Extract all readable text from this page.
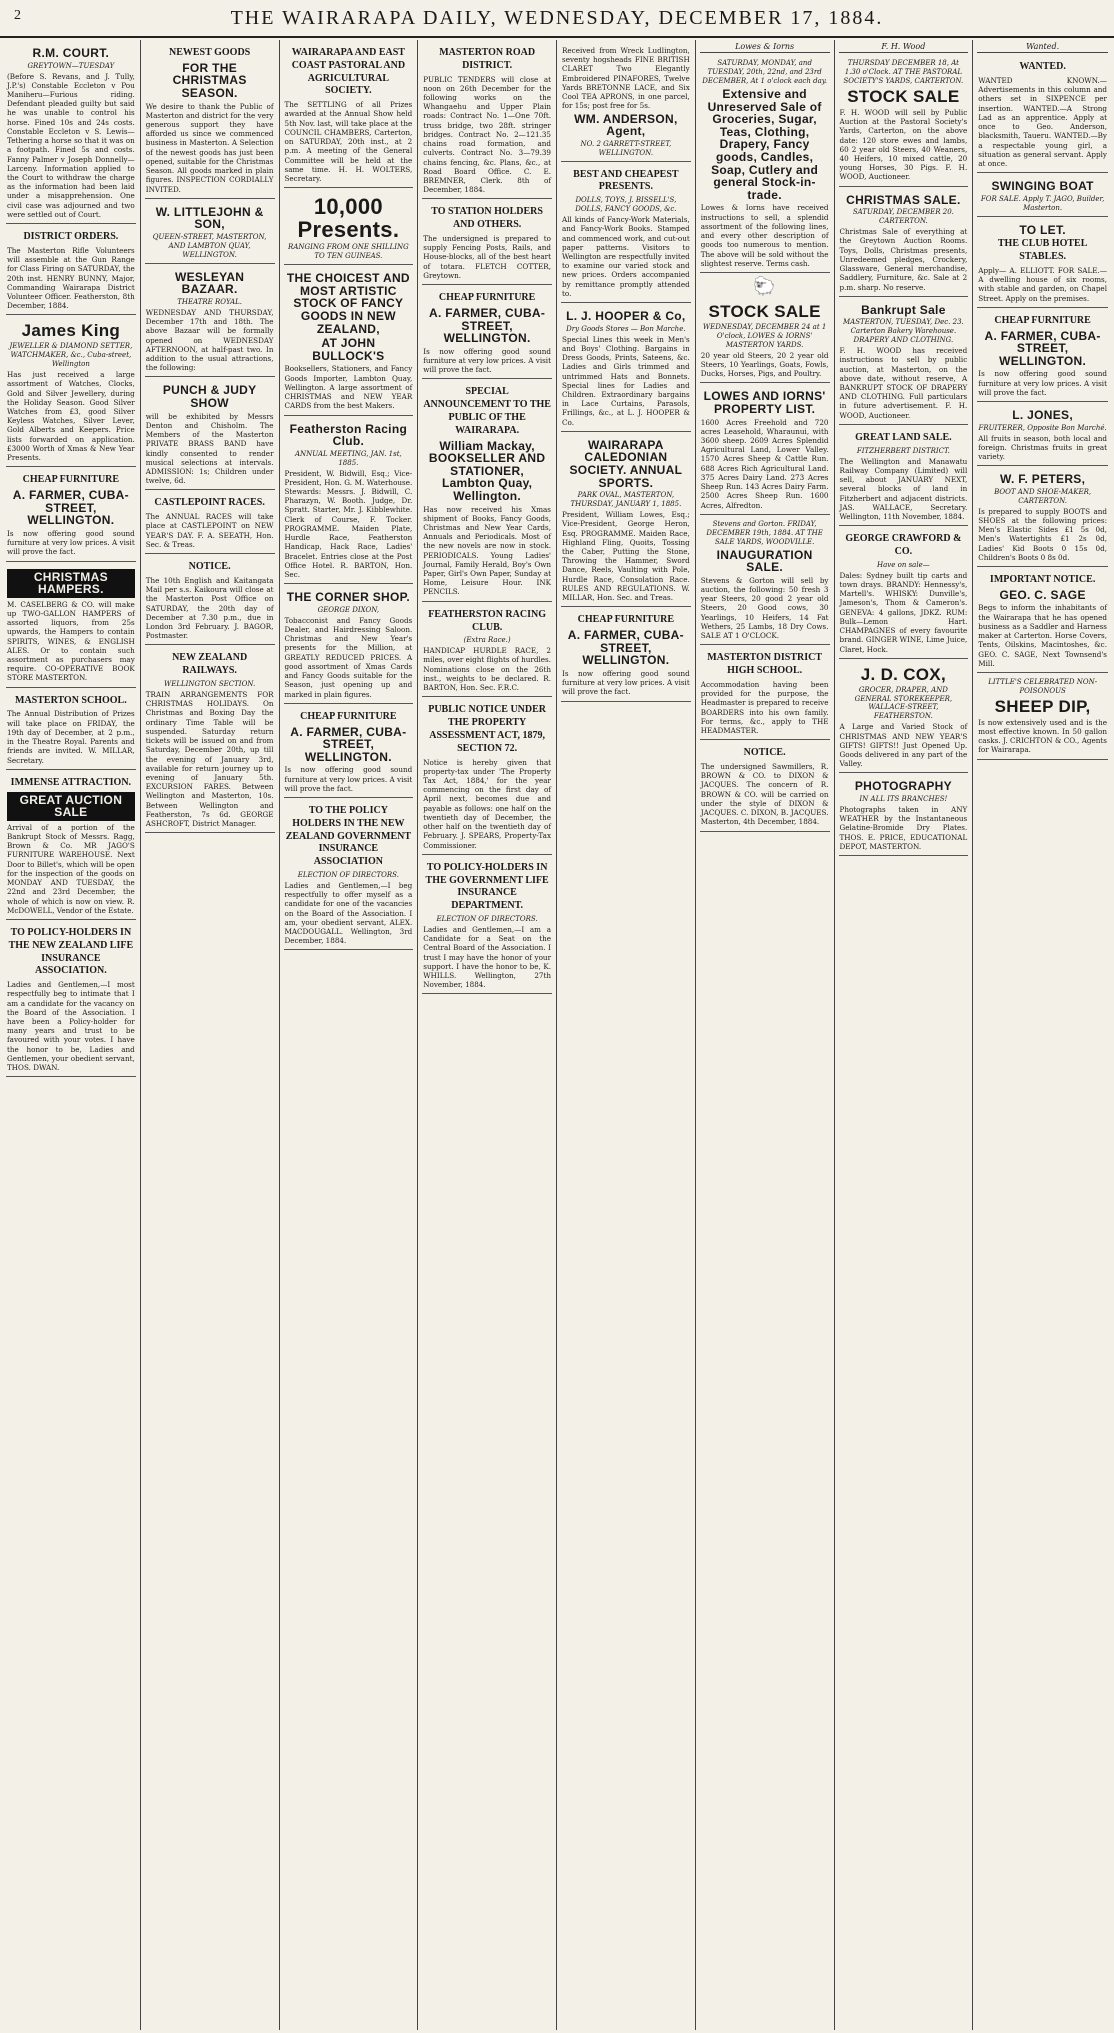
2	THE WAIRARAPA DAILY, WEDNESDAY, DECEMBER 17, 1884.
R.M. COURT.
GREYTOWN—TUESDAY

(Before S. Revans, and J. Tully, J.P.'s) Constable Eccleton v Pou Maniheru—Furious riding. Defendant pleaded guilty but said he was unable to control his horse. Fined 10s and 24s costs. Constable Eccleton v S. Lewis—Tethering a horse so that it was on a footpath. Fined 5s and costs. Fanny Palmer v Joseph Donnelly—Larceny. Information applied to the Court to withdraw the charge as the information had been laid under a misapprehension. One civil case was adjourned and two were settled out of Court.

DISTRICT ORDERS.

The Masterton Rifle Volunteers will assemble at the Gun Range for Class Firing on SATURDAY, the 20th inst. HENRY BUNNY, Major, Commanding Wairarapa District Volunteer Officer. Featherston, 8th December, 1884.

James King
JEWELLER & DIAMOND SETTER, WATCHMAKER, &c., Cuba-street, Wellington

Has just received a large assortment of Watches, Clocks, Gold and Silver Jewellery, during the Holiday Season. Good Silver Watches from £3, good Silver Keyless Watches, Silver Lever, Gold Alberts and Keepers. Price lists forwarded on application. £3000 Worth of Xmas & New Year Presents.

CHEAP FURNITURE
A. FARMER, CUBA-STREET, WELLINGTON.

Is now offering good sound furniture at very low prices. A visit will prove the fact.

CHRISTMAS HAMPERS.

M. CASELBERG & CO. will make up TWO-GALLON HAMPERS of assorted liquors, from 25s upwards, the Hampers to contain SPIRITS, WINES, & ENGLISH ALES. Or to contain such assortment as purchasers may require. CO-OPERATIVE BOOK STORE MASTERTON.

MASTERTON SCHOOL.

The Annual Distribution of Prizes will take place on FRIDAY, the 19th day of December, at 2 p.m., in the Theatre Royal. Parents and friends are invited. W. MILLAR, Secretary.

IMMENSE ATTRACTION.
GREAT AUCTION SALE

Arrival of a portion of the Bankrupt Stock of Messrs. Ragg, Brown & Co. MR JAGO'S FURNITURE WAREHOUSE. Next Door to Billet's, which will be open for the inspection of the goods on MONDAY AND TUESDAY, the 22nd and 23rd December, the whole of which is now on view. R. McDOWELL, Vendor of the Estate.

TO POLICY-HOLDERS IN THE NEW ZEALAND LIFE INSURANCE ASSOCIATION.

Ladies and Gentlemen,—I most respectfully beg to intimate that I am a candidate for the vacancy on the Board of the Association. I have been a Policy-holder for many years and trust to be favoured with your votes. I have the honor to be, Ladies and Gentlemen, your obedient servant, THOS. DWAN.

NEWEST GOODS
FOR THE CHRISTMAS SEASON.

We desire to thank the Public of Masterton and district for the very generous support they have afforded us since we commenced business in Masterton. A Selection of the newest goods has just been opened, suitable for the Christmas Season. All goods marked in plain figures. INSPECTION CORDIALLY INVITED.

W. LITTLEJOHN & SON,
QUEEN-STREET, MASTERTON, AND LAMBTON QUAY, WELLINGTON.
WESLEYAN BAZAAR.
THEATRE ROYAL.

WEDNESDAY AND THURSDAY, December 17th and 18th. The above Bazaar will be formally opened on WEDNESDAY AFTERNOON, at half-past two. In addition to the usual attractions, the following:

PUNCH & JUDY SHOW

will be exhibited by Messrs Denton and Chisholm. The Members of the Masterton PRIVATE BRASS BAND have kindly consented to render musical selections at intervals. ADMISSION: 1s; Children under twelve, 6d.

CASTLEPOINT RACES.

The ANNUAL RACES will take place at CASTLEPOINT on NEW YEAR'S DAY. F. A. SEEATH, Hon. Sec. & Treas.

NOTICE.

The 10th English and Kaitangata Mail per s.s. Kaikoura will close at the Masterton Post Office on SATURDAY, the 20th day of December at 7.30 p.m., due in London 3rd February. J. BAGOR, Postmaster.

NEW ZEALAND RAILWAYS.
WELLINGTON SECTION.

TRAIN ARRANGEMENTS FOR CHRISTMAS HOLIDAYS. On Christmas and Boxing Day the ordinary Time Table will be suspended. Saturday return tickets will be issued on and from Saturday, December 20th, up till the evening of January 3rd, available for return journey up to evening of January 5th. EXCURSION FARES. Between Wellington and Masterton, 10s. Between Wellington and Featherston, 7s 6d. GEORGE ASHCROFT, District Manager.

WAIRARAPA AND EAST COAST PASTORAL AND AGRICULTURAL SOCIETY.

The SETTLING of all Prizes awarded at the Annual Show held 5th Nov. last, will take place at the COUNCIL CHAMBERS, Carterton, on SATURDAY, 20th inst., at 2 p.m. A meeting of the General Committee will be held at the same time. H. H. WOLTERS, Secretary.

10,000 Presents.
RANGING FROM ONE SHILLING TO TEN GUINEAS.
THE CHOICEST AND MOST ARTISTIC STOCK OF FANCY GOODS IN NEW ZEALAND,
AT JOHN BULLOCK'S

Booksellers, Stationers, and Fancy Goods Importer, Lambton Quay, Wellington. A large assortment of CHRISTMAS and NEW YEAR CARDS from the best Makers.

Featherston Racing Club.
ANNUAL MEETING, JAN. 1st, 1885.

President, W. Bidwill, Esq.; Vice-President, Hon. G. M. Waterhouse. Stewards: Messrs. J. Bidwill, C. Pharazyn, W. Booth. Judge, Dr. Spratt. Starter, Mr. J. Kibblewhite. Clerk of Course, F. Tocker. PROGRAMME. Maiden Plate, Hurdle Race, Featherston Handicap, Hack Race, Ladies' Bracelet. Entries close at the Post Office Hotel. R. BARTON, Hon. Sec.

THE CORNER SHOP.
GEORGE DIXON,

Tobacconist and Fancy Goods Dealer, and Hairdressing Saloon. Christmas and New Year's presents for the Million, at GREATLY REDUCED PRICES. A good assortment of Xmas Cards and Fancy Goods suitable for the Season, just opening up and marked in plain figures.

CHEAP FURNITURE
A. FARMER, CUBA-STREET, WELLINGTON.

Is now offering good sound furniture at very low prices. A visit will prove the fact.

TO THE POLICY HOLDERS IN THE NEW ZEALAND GOVERNMENT INSURANCE ASSOCIATION
ELECTION OF DIRECTORS.

Ladies and Gentlemen,—I beg respectfully to offer myself as a candidate for one of the vacancies on the Board of the Association. I am, your obedient servant, ALEX. MACDOUGALL. Wellington, 3rd December, 1884.

MASTERTON ROAD DISTRICT.

PUBLIC TENDERS will close at noon on 26th December for the following works on the Whangaehu and Upper Plain roads: Contract No. 1—One 70ft. truss bridge, two 28ft. stringer bridges. Contract No. 2—121.35 chains road formation, and culverts. Contract No. 3—79.39 chains fencing, &c. Plans, &c., at Road Board Office. C. E. BREMNER, Clerk. 8th of December, 1884.

TO STATION HOLDERS AND OTHERS.

The undersigned is prepared to supply Fencing Posts, Rails, and House-blocks, all of the best heart of totara. FLETCH COTTER, Greytown.

CHEAP FURNITURE
A. FARMER, CUBA-STREET, WELLINGTON.

Is now offering good sound furniture at very low prices. A visit will prove the fact.

SPECIAL ANNOUNCEMENT TO THE PUBLIC OF THE WAIRARAPA.
William Mackay, BOOKSELLER AND STATIONER, Lambton Quay, Wellington.

Has now received his Xmas shipment of Books, Fancy Goods, Christmas and New Year Cards, Annuals and Periodicals. Most of the new novels are now in stock. PERIODICALS. Young Ladies' Journal, Family Herald, Boy's Own Paper, Girl's Own Paper, Sunday at Home, Leisure Hour. INK PENCILS.

FEATHERSTON RACING CLUB.
(Extra Race.)

HANDICAP HURDLE RACE, 2 miles, over eight flights of hurdles. Nominations close on the 26th inst., weights to be declared. R. BARTON, Hon. Sec. F.R.C.

PUBLIC NOTICE UNDER THE PROPERTY ASSESSMENT ACT, 1879, SECTION 72.

Notice is hereby given that property-tax under 'The Property Tax Act, 1884,' for the year commencing on the first day of April next, becomes due and payable as follows: one half on the twentieth day of December, the other half on the twentieth day of February. J. SPEARS, Property-Tax Commissioner.

TO POLICY-HOLDERS IN THE GOVERNMENT LIFE INSURANCE DEPARTMENT.
ELECTION OF DIRECTORS.

Ladies and Gentlemen,—I am a Candidate for a Seat on the Central Board of the Association. I trust I may have the honor of your support. I have the honor to be, K. WHILLS. Wellington, 27th November, 1884.

Received from Wreck Ludlington, seventy hogsheads FINE BRITISH CLARET Two Elegantly Embroidered PINAFORES, Twelve Yards BRETONNE LACE, and Six Cool TEA APRONS, in one parcel, for 15s; post free for 5s.

WM. ANDERSON, Agent,
NO. 2 GARRETT-STREET, WELLINGTON.
BEST AND CHEAPEST PRESENTS.
DOLLS, TOYS, J. BISSELL'S, DOLLS, FANCY GOODS, &c.

All kinds of Fancy-Work Materials, and Fancy-Work Books. Stamped and commenced work, and cut-out paper patterns. Visitors to Wellington are respectfully invited to examine our varied stock and new prices. Orders accompanied by remittance promptly attended to.

L. J. HOOPER & Co,
Dry Goods Stores — Bon Marche.

Special Lines this week in Men's and Boys' Clothing. Bargains in Dress Goods, Prints, Sateens, &c. Ladies and Girls trimmed and untrimmed Hats and Bonnets. Special lines for Ladies and Children. Extraordinary bargains in Lace Curtains, Parasols, Frillings, &c., at L. J. HOOPER & Co.

WAIRARAPA CALEDONIAN SOCIETY. ANNUAL SPORTS.
PARK OVAL, MASTERTON, THURSDAY, JANUARY 1, 1885.

President, William Lowes, Esq.; Vice-President, George Heron, Esq. PROGRAMME. Maiden Race, Highland Fling, Quoits, Tossing the Caber, Putting the Stone, Throwing the Hammer, Sword Dance, Reels, Vaulting with Pole, Hurdle Race, Consolation Race. RULES AND REGULATIONS. W. MILLAR, Hon. Sec. and Treas.

CHEAP FURNITURE
A. FARMER, CUBA-STREET, WELLINGTON.

Is now offering good sound furniture at very low prices. A visit will prove the fact.

Lowes & Iorns
SATURDAY, MONDAY, and TUESDAY, 20th, 22nd, and 23rd DECEMBER, At 1 o'clock each day.
Extensive and Unreserved Sale of Groceries, Sugar, Teas, Clothing, Drapery, Fancy goods, Candles, Soap, Cutlery and general Stock-in-trade.

Lowes & Iorns have received instructions to sell, a splendid assortment of the following lines, and every other description of goods too numerous to mention. The above will be sold without the slightest reserve. Terms cash.

🐑
STOCK SALE
WEDNESDAY, DECEMBER 24 at 1 O'clock, LOWES & IORNS' MASTERTON YARDS.

20 year old Steers, 20 2 year old Steers, 10 Yearlings, Goats, Fowls, Ducks, Horses, Pigs, and Poultry.

LOWES AND IORNS' PROPERTY LIST.

1600 Acres Freehold and 720 acres Leasehold, Wharaunui, with 3600 sheep. 2609 Acres Splendid Agricultural Land, Lower Valley. 1570 Acres Sheep & Cattle Run. 688 Acres Rich Agricultural Land. 375 Acres Dairy Land. 273 Acres Sheep Run. 143 Acres Dairy Farm. 2500 Acres Sheep Run. 1600 Acres, Alfredton.

Stevens and Gorton. FRIDAY, DECEMBER 19th, 1884. AT THE SALE YARDS, WOODVILLE.
INAUGURATION SALE.

Stevens & Gorton will sell by auction, the following: 50 fresh 3 year Steers, 20 good 2 year old Steers, 20 Good cows, 30 Yearlings, 10 Heifers, 14 Fat Wethers, 25 Lambs, 18 Dry Cows. SALE AT 1 O'CLOCK.

MASTERTON DISTRICT HIGH SCHOOL.

Accommodation having been provided for the purpose, the Headmaster is prepared to receive BOARDERS into his own family. For terms, &c., apply to THE HEADMASTER.

NOTICE.

The undersigned Sawmillers, R. BROWN & CO. to DIXON & JACQUES. The concern of R. BROWN & CO. will be carried on under the style of DIXON & JACQUES. C. DIXON, B. JACQUES. Masterton, 4th December, 1884.

F. H. Wood
THURSDAY DECEMBER 18, At 1.30 o'Clock. AT THE PASTORAL SOCIETY'S YARDS, CARTERTON.
STOCK SALE

F. H. WOOD will sell by Public Auction at the Pastoral Society's Yards, Carterton, on the above date: 120 store ewes and lambs, 60 2 year old Steers, 40 Weaners, 40 Heifers, 10 mixed cattle, 20 young Horses, 30 Pigs. F. H. WOOD, Auctioneer.

CHRISTMAS SALE.
SATURDAY, DECEMBER 20. CARTERTON.

Christmas Sale of everything at the Greytown Auction Rooms. Toys, Dolls, Christmas presents, Unredeemed pledges, Crockery, Glassware, General merchandise, Saddlery, Furniture, &c. Sale at 2 p.m. sharp. No reserve.

Bankrupt Sale
MASTERTON, TUESDAY, Dec. 23. Carterton Bakery Warehouse. DRAPERY AND CLOTHING.

F. H. WOOD has received instructions to sell by public auction, at Masterton, on the above date, without reserve, A BANKRUPT STOCK OF DRAPERY AND CLOTHING. Full particulars in future advertisement. F. H. WOOD, Auctioneer.

GREAT LAND SALE.
FITZHERBERT DISTRICT.

The Wellington and Manawatu Railway Company (Limited) will sell, about JANUARY NEXT, several blocks of land in Fitzherbert and adjacent districts. JAS. WALLACE, Secretary. Wellington, 11th November, 1884.

GEORGE CRAWFORD & CO.
Have on sale—

Dales: Sydney built tip carts and town drays. BRANDY: Hennessy's, Martell's. WHISKY: Dunville's, Jameson's, Thom & Cameron's. GENEVA: 4 gallons, JDKZ. RUM: Bulk—Lemon Hart. CHAMPAGNES of every favourite brand. GINGER WINE, Lime Juice, Claret, Hock.

J. D. COX,
GROCER, DRAPER, AND GENERAL STOREKEEPER, WALLACE-STREET, FEATHERSTON.

A Large and Varied Stock of CHRISTMAS AND NEW YEAR'S GIFTS! GIFTS!! Just Opened Up. Goods delivered in any part of the Valley.

PHOTOGRAPHY
IN ALL ITS BRANCHES!

Photographs taken in ANY WEATHER by the Instantaneous Gelatine-Bromide Dry Plates. THOS. E. PRICE, EDUCATIONAL DEPOT, MASTERTON.

Wanted.
WANTED.

WANTED KNOWN.—Advertisements in this column and others set in SIXPENCE per insertion. WANTED.—A Strong Lad as an apprentice. Apply at once to Geo. Anderson, blacksmith, Taueru. WANTED.—By a respectable young girl, a situation as general servant. Apply at once.

SWINGING BOAT
FOR SALE. Apply T. JAGO, Builder, Masterton.
TO LET.
THE CLUB HOTEL STABLES.

Apply— A. ELLIOTT. FOR SALE.—A dwelling house of six rooms, with stable and garden, on Chapel Street. Apply on the premises.

CHEAP FURNITURE
A. FARMER, CUBA-STREET, WELLINGTON.

Is now offering good sound furniture at very low prices. A visit will prove the fact.

L. JONES,
FRUITERER, Opposite Bon Marché.

All fruits in season, both local and foreign. Christmas fruits in great variety.

W. F. PETERS,
BOOT AND SHOE-MAKER, CARTERTON.

Is prepared to supply BOOTS and SHOES at the following prices: Men's Elastic Sides £1 5s 0d, Men's Watertights £1 2s 0d, Ladies' Kid Boots 0 15s 0d, Children's Boots 0 8s 0d.

IMPORTANT NOTICE.
GEO. C. SAGE

Begs to inform the inhabitants of the Wairarapa that he has opened business as a Saddler and Harness maker at Carterton. Horse Covers, Tents, Oilskins, Macintoshes, &c. GEO. C. SAGE, Next Townsend's Mill.

LITTLE'S CELEBRATED NON-POISONOUS
SHEEP DIP,

Is now extensively used and is the most effective known. In 50 gallon casks. J. CRICHTON & CO., Agents for Wairarapa.
